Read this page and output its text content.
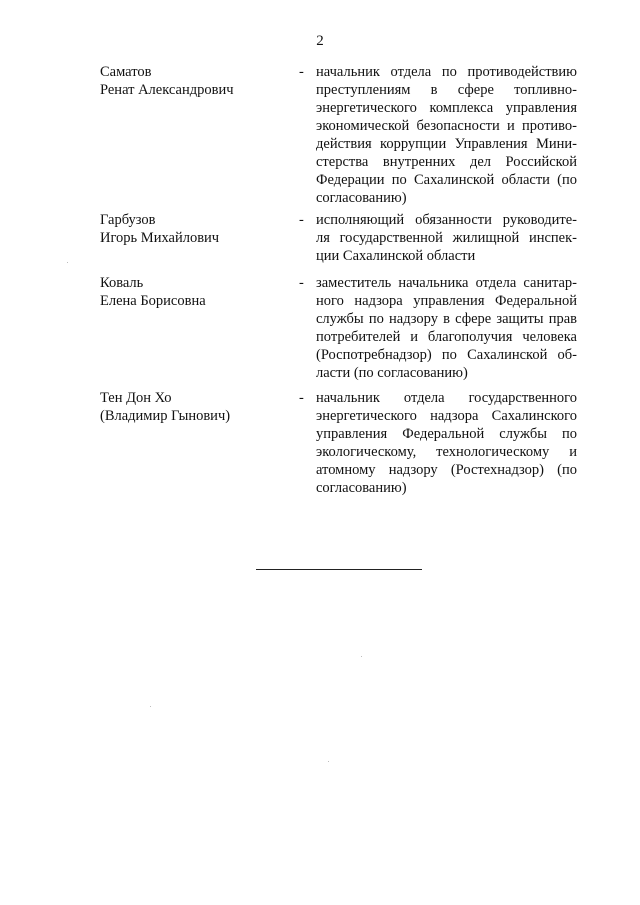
2
Саматов
Ренат Александрович
- начальник отдела по противодействию
преступлениям в сфере топливно-
энергетического комплекса управления
экономической безопасности и противо-
действия коррупции Управления Мини-
стерства внутренних дел Российской
Федерации по Сахалинской области (по
согласованию)
Гарбузов
Игорь Михайлович
- исполняющий обязанности руководите-
ля государственной жилищной инспек-
ции Сахалинской области
Коваль
Елена Борисовна
- заместитель начальника отдела санитар-
ного надзора управления Федеральной
службы по надзору в сфере защиты прав
потребителей и благополучия человека
(Роспотребнадзор) по Сахалинской об-
ласти (по согласованию)
Тен Дон Хо
(Владимир Гынович)
- начальник отдела государственного
энергетического надзора Сахалинского
управления Федеральной службы по
экологическому, технологическому и
атомному надзору (Ростехнадзор) (по
согласованию)
